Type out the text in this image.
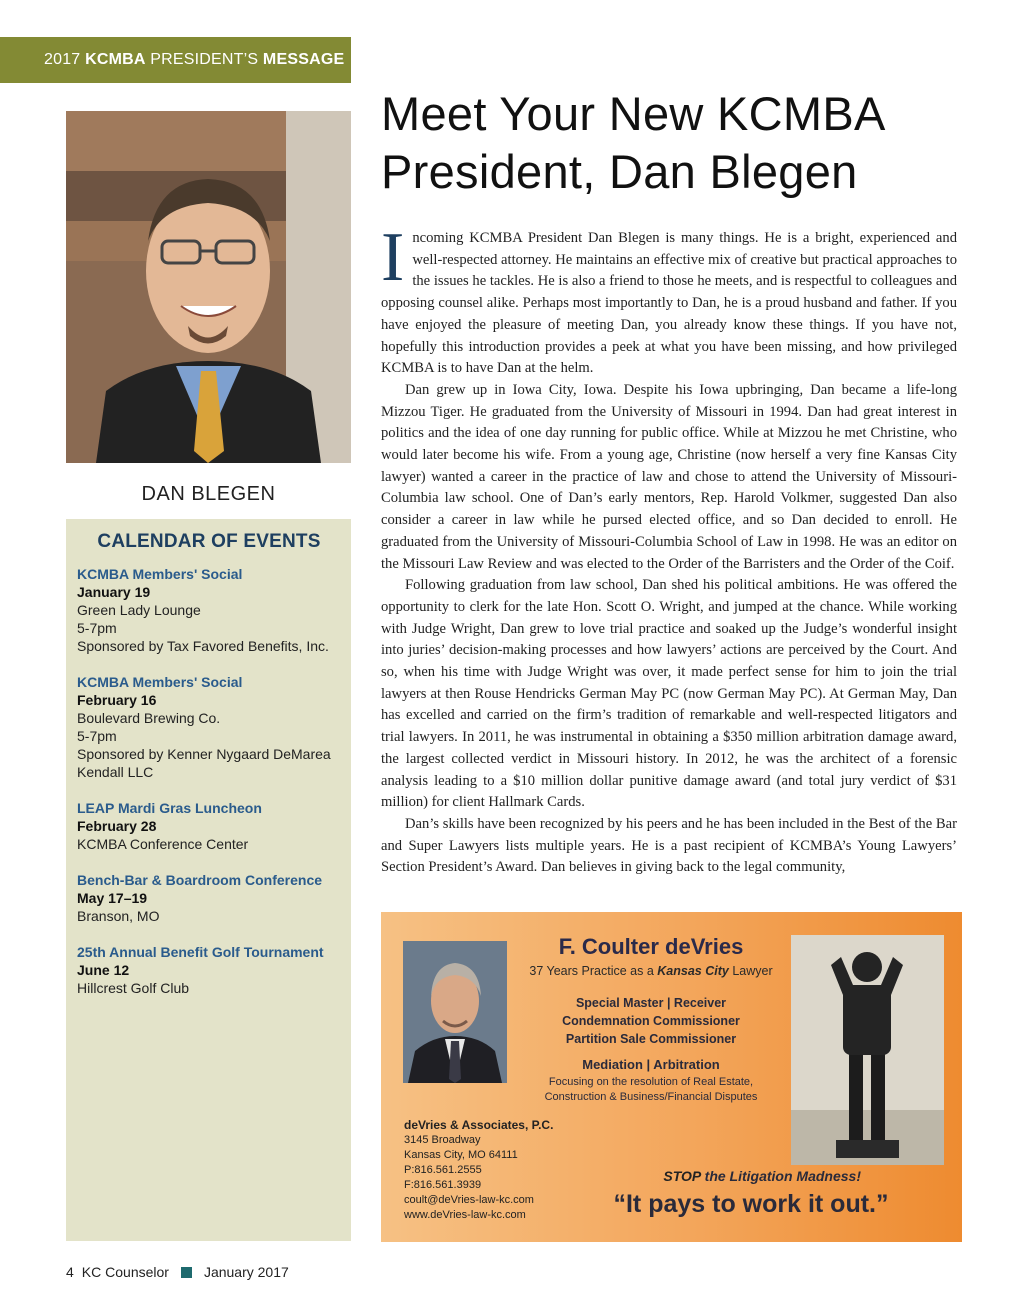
2017
KCMBA
PRESIDENT’S
MESSAGE
DAN BLEGEN
CALENDAR OF EVENTS
KCMBA Members' Social
January 19
Green Lady Lounge
5-7pm
Sponsored by Tax Favored Benefits, Inc.
KCMBA Members' Social
February 16
Boulevard Brewing Co.
5-7pm
Sponsored by Kenner Nygaard DeMarea
Kendall LLC
LEAP Mardi Gras Luncheon
February 28
KCMBA Conference Center
Bench-Bar & Boardroom Conference
May 17–19
Branson, MO
25th Annual Benefit Golf Tournament
June 12
Hillcrest Golf Club
Meet Your New KCMBA President, Dan Blegen

Incoming KCMBA President Dan Blegen is many things. He is a bright, experienced and well-respected attorney. He maintains an effective mix of creative but practical approaches to the issues he tackles. He is also a friend to those he meets, and is respectful to colleagues and opposing counsel alike. Perhaps most importantly to Dan, he is a proud husband and father. If you have enjoyed the pleasure of meeting Dan, you already know these things. If you have not, hopefully this introduction provides a peek at what you have been missing, and how privileged KCMBA is to have Dan at the helm.

Dan grew up in Iowa City, Iowa. Despite his Iowa upbringing, Dan became a life-long Mizzou Tiger. He graduated from the University of Missouri in 1994. Dan had great interest in politics and the idea of one day running for public office. While at Mizzou he met Christine, who would later become his wife. From a young age, Christine (now herself a very fine Kansas City lawyer) wanted a career in the practice of law and chose to attend the University of Missouri-Columbia law school. One of Dan’s early mentors, Rep. Harold Volkmer, suggested Dan also consider a career in law while he pursed elected office, and so Dan decided to enroll. He graduated from the University of Missouri-Columbia School of Law in 1998. He was an editor on the Missouri Law Review and was elected to the Order of the Barristers and the Order of the Coif.

Following graduation from law school, Dan shed his political ambitions. He was offered the opportunity to clerk for the late Hon. Scott O. Wright, and jumped at the chance. While working with Judge Wright, Dan grew to love trial practice and soaked up the Judge’s wonderful insight into juries’ decision-making processes and how lawyers’ actions are perceived by the Court. And so, when his time with Judge Wright was over, it made perfect sense for him to join the trial lawyers at then Rouse Hendricks German May PC (now German May PC). At German May, Dan has excelled and carried on the firm’s tradition of remarkable and well-respected litigators and trial lawyers. In 2011, he was instrumental in obtaining a $350 million arbitration damage award, the largest collected verdict in Missouri history. In 2012, he was the architect of a forensic analysis leading to a $10 million dollar punitive damage award (and total jury verdict of $31 million) for client Hallmark Cards.

Dan’s skills have been recognized by his peers and he has been included in the Best of the Bar and Super Lawyers lists multiple years. He is a past recipient of KCMBA’s Young Lawyers’ Section President’s Award. Dan believes in giving back to the legal community,

F. Coulter deVries
37 Years Practice as a Kansas City Lawyer
Special Master | Receiver
Condemnation Commissioner
Partition Sale Commissioner
Mediation | Arbitration
Focusing on the resolution of Real Estate,
Construction & Business/Financial Disputes
deVries & Associates, P.C.
3145 Broadway
Kansas City, MO 64111
P:816.561.2555
F:816.561.3939
coult@deVries-law-kc.com
www.deVries-law-kc.com
STOP the Litigation Madness!
“It pays to work it out.”
4 KC Counselor	January 2017
